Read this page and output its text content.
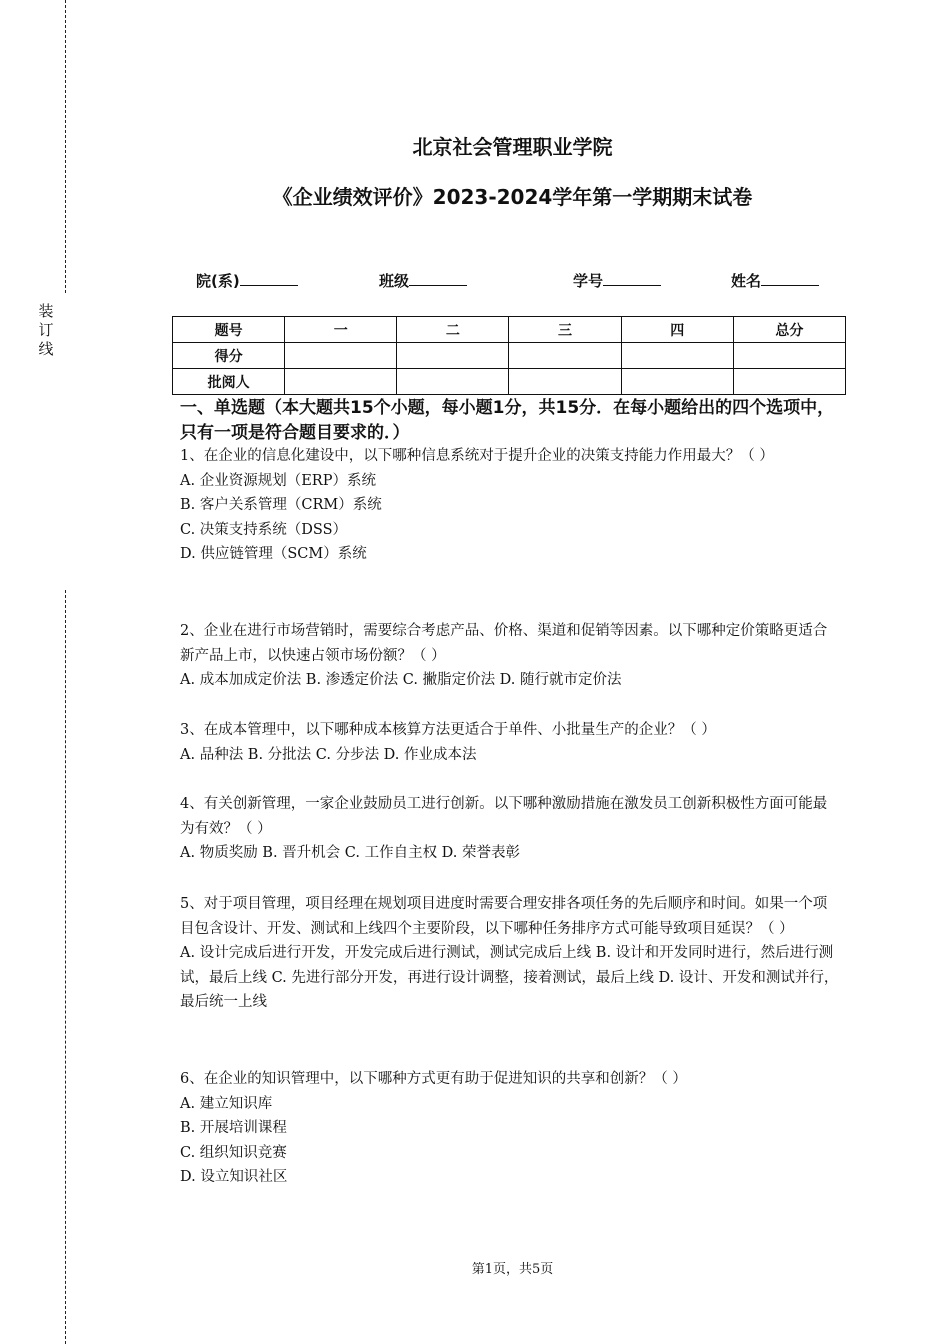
装订线
北京社会管理职业学院
《企业绩效评价》2023-2024学年第一学期期末试卷
院(系)	班级	学号	姓名
题号	一	二	三	四	总分
得分					
批阅人					
一、单选题（本大题共15个小题，每小题1分，共15分．在每小题给出的四个选项中，只有一项是符合题目要求的．）

1、在企业的信息化建设中，以下哪种信息系统对于提升企业的决策支持能力作用最大？（ ）

A. 企业资源规划（ERP）系统
B. 客户关系管理（CRM）系统
C. 决策支持系统（DSS）
D. 供应链管理（SCM）系统

2、企业在进行市场营销时，需要综合考虑产品、价格、渠道和促销等因素。以下哪种定价策略更适合新产品上市，以快速占领市场份额？（ ）

A. 成本加成定价法 B. 渗透定价法 C. 撇脂定价法 D. 随行就市定价法

3、在成本管理中，以下哪种成本核算方法更适合于单件、小批量生产的企业？（ ）

A. 品种法 B. 分批法 C. 分步法 D. 作业成本法

4、有关创新管理，一家企业鼓励员工进行创新。以下哪种激励措施在激发员工创新积极性方面可能最为有效？（ ）

A. 物质奖励 B. 晋升机会 C. 工作自主权 D. 荣誉表彰

5、对于项目管理，项目经理在规划项目进度时需要合理安排各项任务的先后顺序和时间。如果一个项目包含设计、开发、测试和上线四个主要阶段，以下哪种任务排序方式可能导致项目延误？（ ）

A. 设计完成后进行开发，开发完成后进行测试，测试完成后上线 B. 设计和开发同时进行，然后进行测试，最后上线 C. 先进行部分开发，再进行设计调整，接着测试，最后上线 D. 设计、开发和测试并行，最后统一上线

6、在企业的知识管理中，以下哪种方式更有助于促进知识的共享和创新？（ ）

A. 建立知识库
B. 开展培训课程
C. 组织知识竞赛
D. 设立知识社区
第1页，共5页
